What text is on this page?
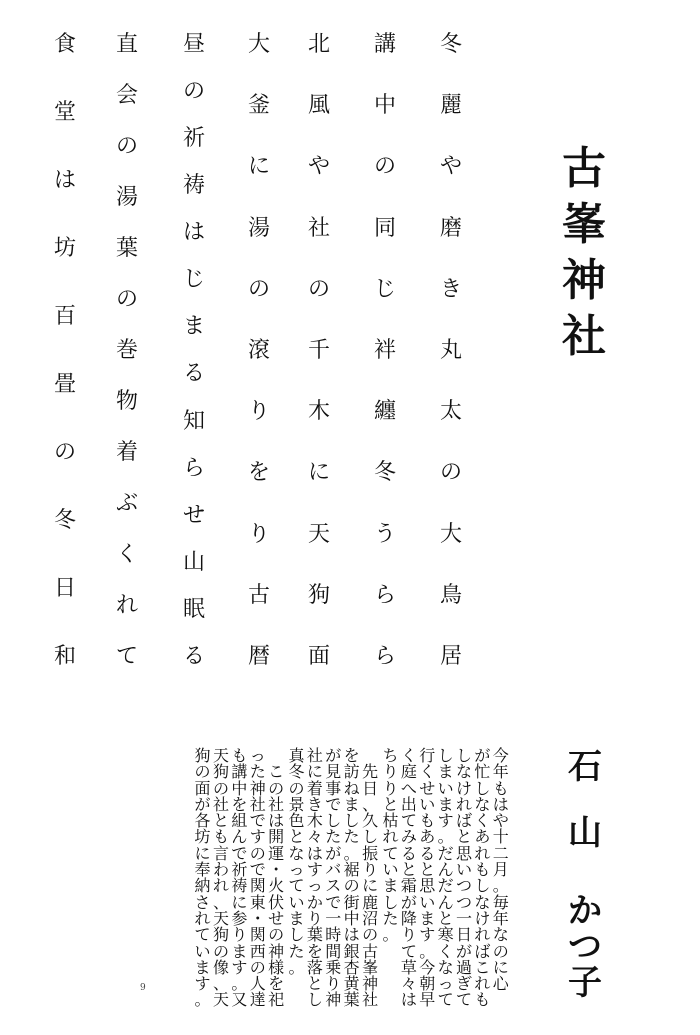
古
峯
神
社
冬
麗
や
磨
き
丸
太
の
大
鳥
居
講
中
の
同
じ
袢
纏
冬
う
ら
ら
北
風
や
社
の
千
木
に
天
狗
面
大
釜
に
湯
の
滾
り
を
り
古
暦
昼
の
祈
祷
は
じ
ま
る
知
ら
せ
山
眠
る
直
会
の
湯
葉
の
巻
物
着
ぶ
く
れ
て
食
堂
は
坊
百
畳
の
冬
日
和
石
山
か
つ
子
今
年
も
は
や
十
二
月
。
毎
年
な
の
に
心
が
忙
し
な
く
あ
れ
も
し
な
け
れ
ば
こ
れ
も
し
な
け
れ
ば
と
思
い
つ
つ
一
日
が
過
ぎ
て
し
ま
い
ま
す
。
だ
ん
だ
ん
と
寒
く
な
っ
て
行
く
せ
い
も
あ
る
と
思
い
ま
す
。
今
朝
早
く
庭
へ
出
て
み
る
と
霜
が
降
り
て
草
々
は
ち
り
り
と
枯
れ
て
い
ま
し
た
。

先
日
、
久
し
振
り
に
鹿
沼
の
古
峯
神
社
を
訪
ね
ま
し
た
。
裾
の
街
中
は
銀
杏
黄
葉
が
見
事
で
し
た
が
バ
ス
で
一
時
間
乗
り
神
社
に
着
き
木
々
は
す
っ
か
り
葉
を
落
と
し
真
冬
の
景
色
と
な
っ
て
い
ま
し
た
。

こ
の
社
は
開
運
・
火
伏
せ
の
神
様
を
祀
っ
た
神
社
で
す
の
で
関
東
・
関
西
の
人
達
も
講
中
を
組
ん
で
祈
祷
に
参
り
ま
す
。
又
天
狗
の
社
と
も
言
わ
れ
、
天
狗
の
像
、
天
狗
の
面
が
各
坊
に
奉
納
さ
れ
て
い
ま
す
。
9
